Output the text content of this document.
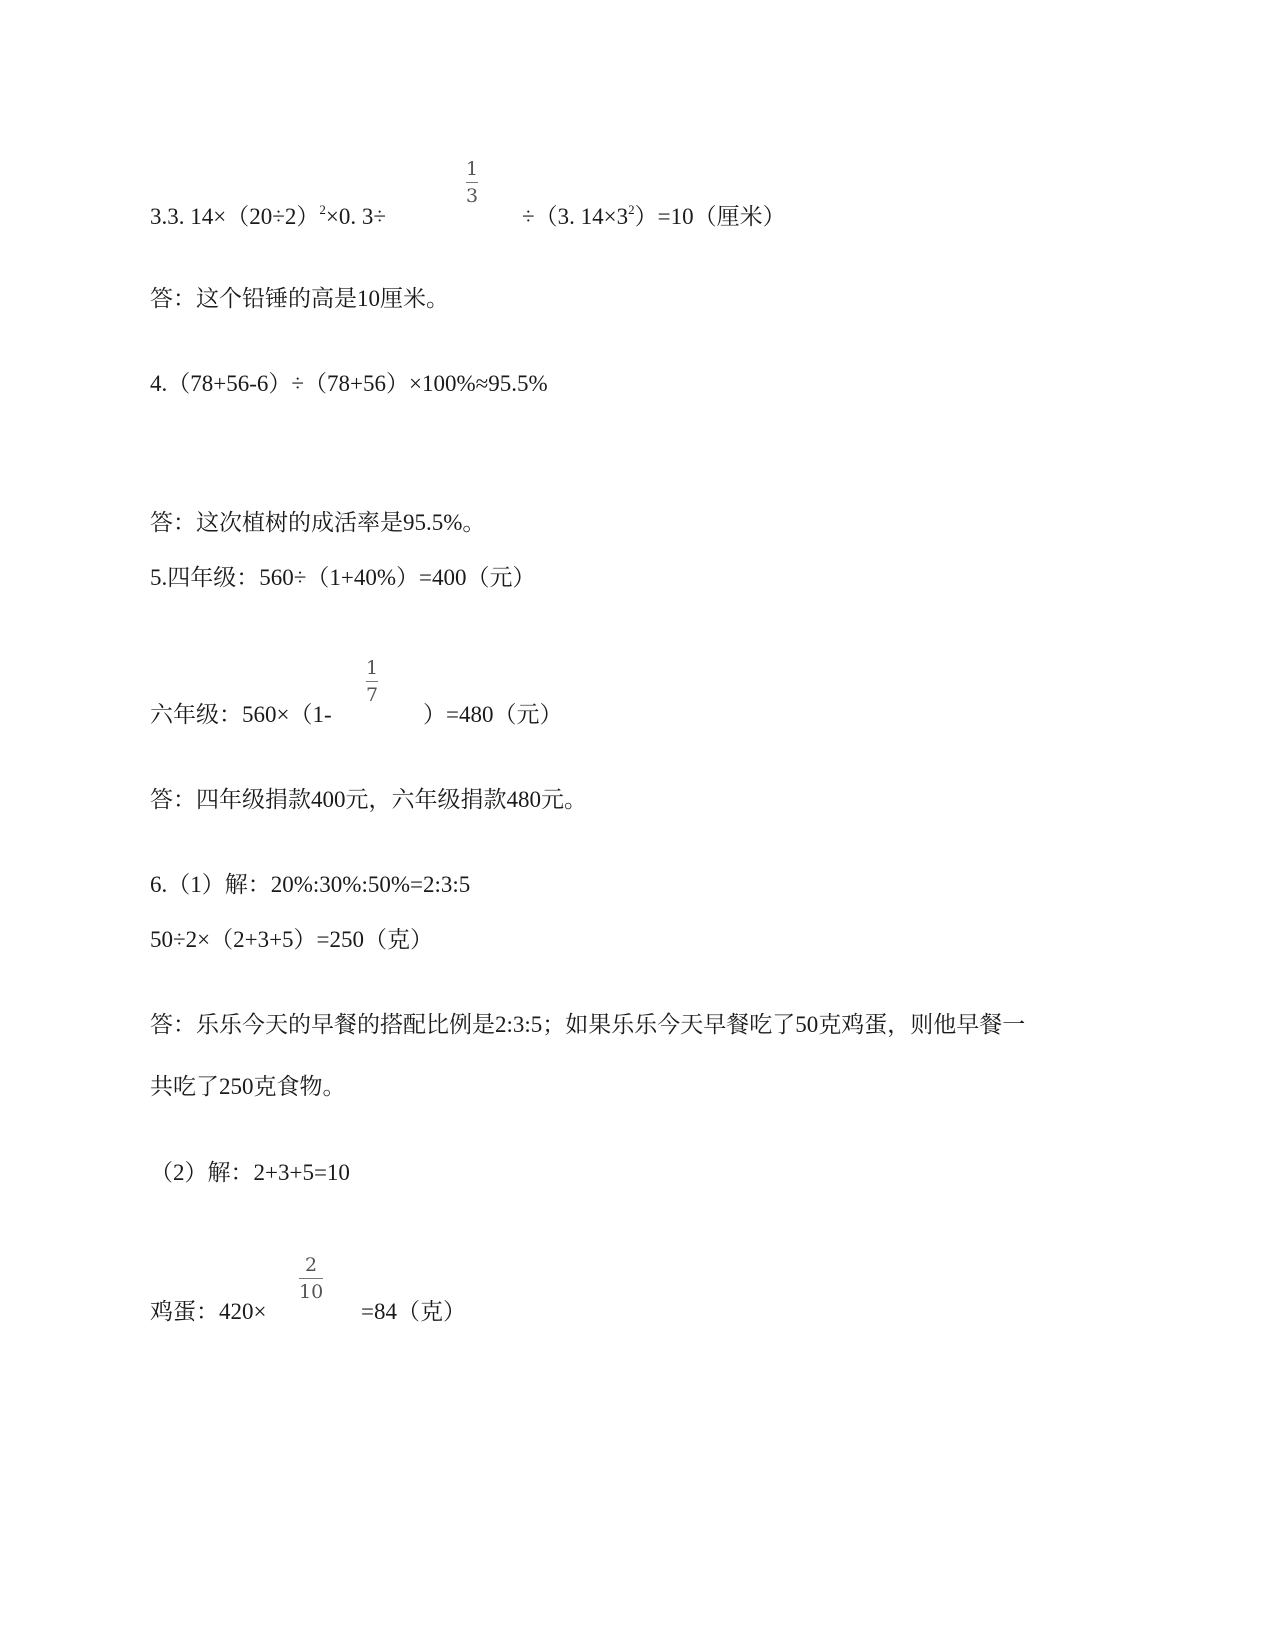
3.3. $14\times(20\div 2)^2\times 0$. 3÷
1
3
÷（3. $14\times 3^2)=10$（厘米）
答：这个铅锤的高是10厘米。
4.（78+56-6）÷（78+56）×100%≈95.5%
答：这次植树的成活率是95.5%。
5.四年级：560÷（1+40%）=400（元）
六年级：560×（1-
1
7
）=480（元）
答：四年级捐款400元，六年级捐款480元。
6.（1）解：20%:30%:50%=2:3:5
50÷2×（2+3+5）=250（克）
答：乐乐今天的早餐的搭配比例是2:3:5；如果乐乐今天早餐吃了50克鸡蛋，则他早餐一
共吃了250克食物。
（2）解：2+3+5=10
鸡蛋：420×
2
10
=84（克）
